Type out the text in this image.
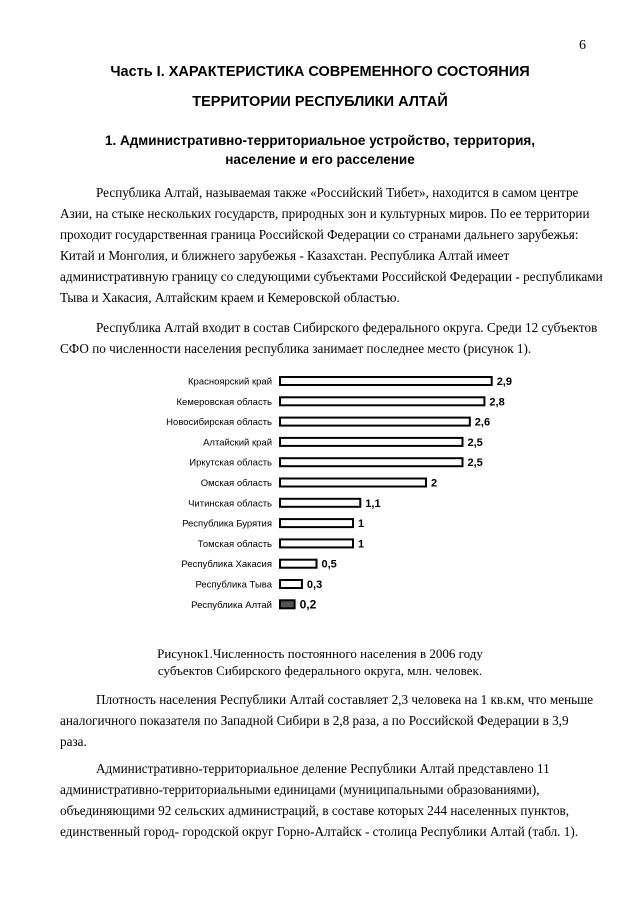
6
Часть I. ХАРАКТЕРИСТИКА СОВРЕМЕННОГО СОСТОЯНИЯ
ТЕРРИТОРИИ РЕСПУБЛИКИ АЛТАЙ
1. Административно-территориальное устройство, территория,
население и его расселение
Республика Алтай, называемая также «Российский Тибет», находится в самом центре
Азии, на стыке нескольких государств, природных зон и культурных миров. По ее территории
проходит государственная граница Российской Федерации со странами дальнего зарубежья:
Китай и Монголия, и ближнего зарубежья - Казахстан. Республика Алтай имеет
административную границу со следующими субъектами Российской Федерации - республиками
Тыва и Хакасия, Алтайским краем и Кемеровской областью.
Республика Алтай входит в состав Сибирского федерального округа. Среди 12 субъектов
СФО по численности населения республика занимает последнее место (рисунок 1).
Красноярский край	2,9
Кемеровская область	2,8
Новосибирская область	2,6
Алтайский край	2,5
Иркутская область	2,5
Омская область	2
Читинская область	1,1
Республика Бурятия	1
Томская область	1
Республика Хакасия	0,5
Республика Тыва	0,3
Республика Алтай 0,2
Рисунок1.Численность постоянного населения в 2006 году
субъектов Сибирского федерального округа, млн. человек.
Плотность населения Республики Алтай составляет 2,3 человека на 1 кв.км, что меньше
аналогичного показателя по Западной Сибири в 2,8 раза, а по Российской Федерации в 3,9
раза.
Административно-территориальное деление Республики Алтай представлено 11
административно-территориальными единицами (муниципальными образованиями),
объединяющими 92 сельских администраций, в составе которых 244 населенных пунктов,
единственный город- городской округ Горно-Алтайск - столица Республики Алтай (табл. 1).
